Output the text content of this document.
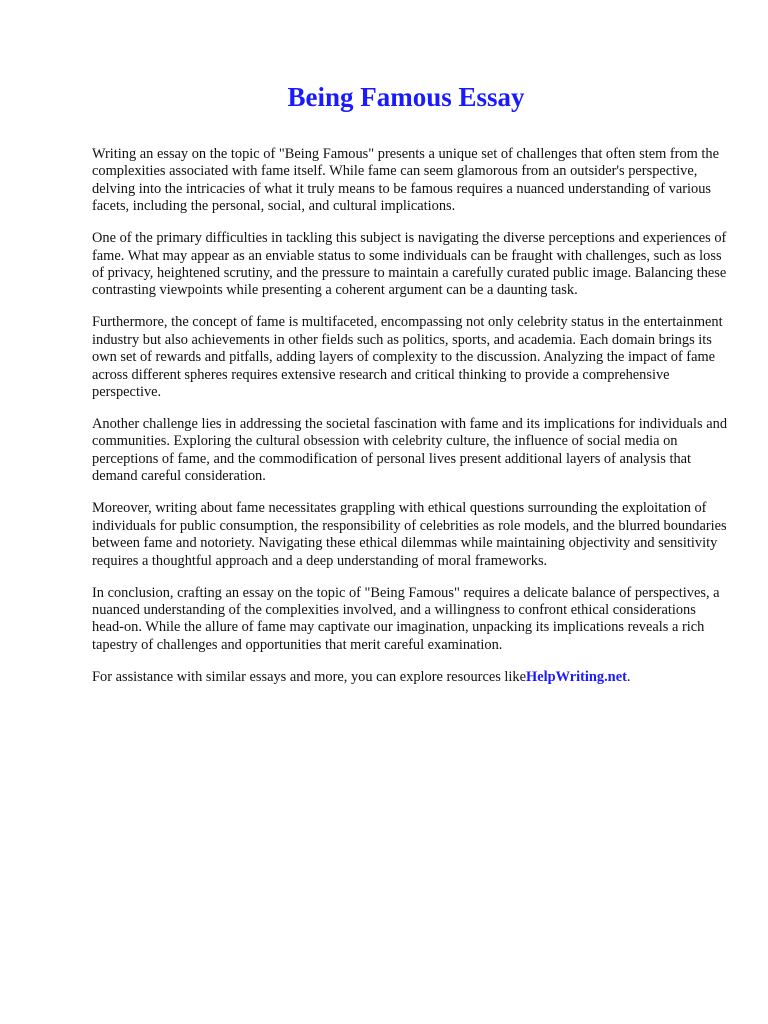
Being Famous Essay

Writing an essay on the topic of "Being Famous" presents a unique set of challenges that often stem from the complexities associated with fame itself. While fame can seem glamorous from an outsider's perspective, delving into the intricacies of what it truly means to be famous requires a nuanced understanding of various facets, including the personal, social, and cultural implications.

One of the primary difficulties in tackling this subject is navigating the diverse perceptions and experiences of fame. What may appear as an enviable status to some individuals can be fraught with challenges, such as loss of privacy, heightened scrutiny, and the pressure to maintain a carefully curated public image. Balancing these contrasting viewpoints while presenting a coherent argument can be a daunting task.

Furthermore, the concept of fame is multifaceted, encompassing not only celebrity status in the entertainment industry but also achievements in other fields such as politics, sports, and academia. Each domain brings its own set of rewards and pitfalls, adding layers of complexity to the discussion. Analyzing the impact of fame across different spheres requires extensive research and critical thinking to provide a comprehensive perspective.

Another challenge lies in addressing the societal fascination with fame and its implications for individuals and communities. Exploring the cultural obsession with celebrity culture, the influence of social media on perceptions of fame, and the commodification of personal lives present additional layers of analysis that demand careful consideration.

Moreover, writing about fame necessitates grappling with ethical questions surrounding the exploitation of individuals for public consumption, the responsibility of celebrities as role models, and the blurred boundaries between fame and notoriety. Navigating these ethical dilemmas while maintaining objectivity and sensitivity requires a thoughtful approach and a deep understanding of moral frameworks.

In conclusion, crafting an essay on the topic of "Being Famous" requires a delicate balance of perspectives, a nuanced understanding of the complexities involved, and a willingness to confront ethical considerations head-on. While the allure of fame may captivate our imagination, unpacking its implications reveals a rich tapestry of challenges and opportunities that merit careful examination.

For assistance with similar essays and more, you can explore resources likeHelpWriting.net.
